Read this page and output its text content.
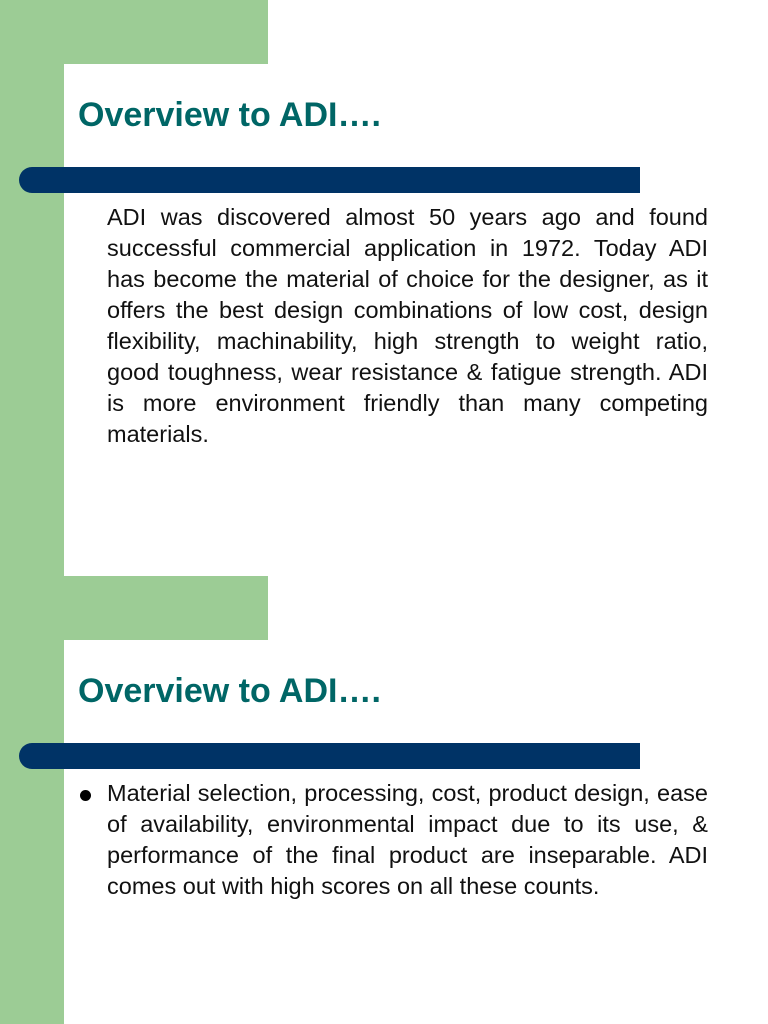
Overview to ADI….

ADI was discovered almost 50 years ago and found successful commercial application in 1972. Today ADI has become the material of choice for the designer, as it offers the best design combinations of low cost, design flexibility, machinability, high strength to weight ratio, good toughness, wear resistance & fatigue strength. ADI is more environment friendly than many competing materials.

Overview to ADI….

Material selection, processing, cost, product design, ease of availability, environmental impact due to its use, & performance of the final product are inseparable. ADI comes out with high scores on all these counts.
